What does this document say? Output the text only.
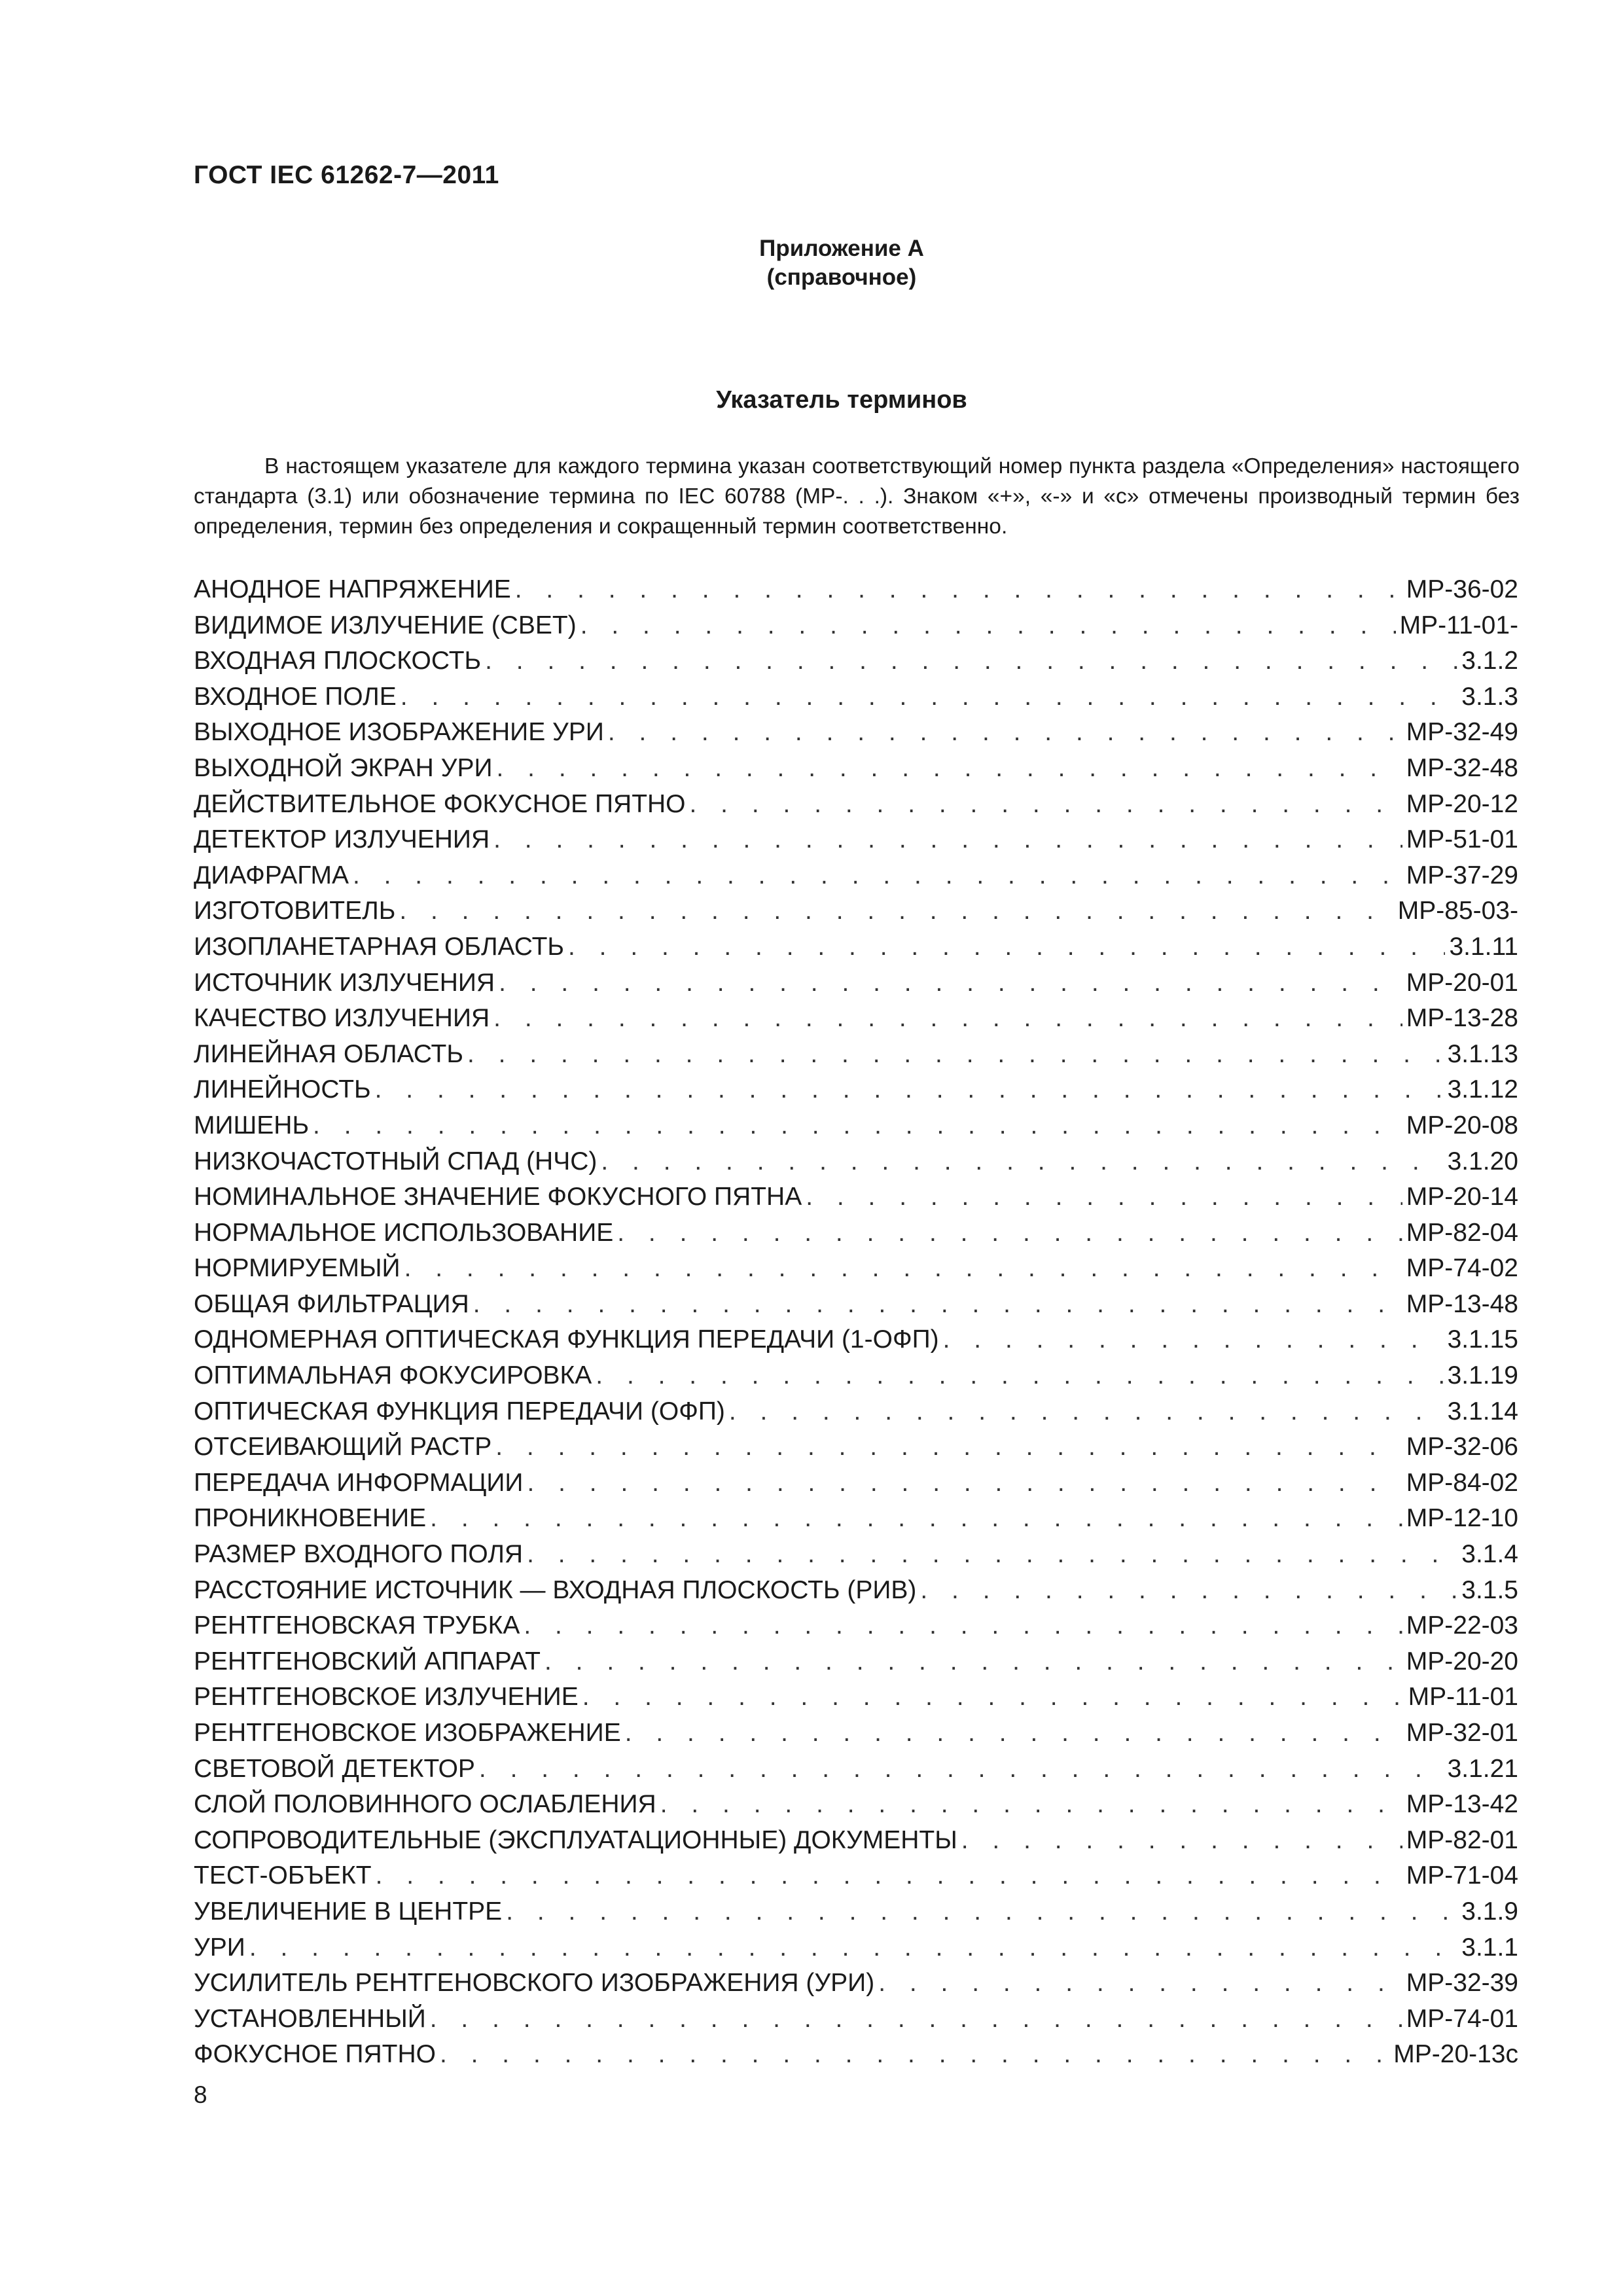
ГОСТ IEC 61262-7—2011
Приложение А
(справочное)
Указатель терминов

В настоящем указателе для каждого термина указан соответствующий номер пункта раздела «Определения» настоящего стандарта (3.1) или обозначение термина по IEC 60788 (МР-. . .). Знаком «+», «-» и «с» отмечены производный термин без определения, термин без определения и сокращенный термин соответственно.

АНОДНОЕ НАПРЯЖЕНИЕ . . .	МР-36-02
ВИДИМОЕ ИЗЛУЧЕНИЕ (СВЕТ) . . .	МР-11-01-
ВХОДНАЯ ПЛОСКОСТЬ . . .	3.1.2
ВХОДНОЕ ПОЛЕ . . .	3.1.3
ВЫХОДНОЕ ИЗОБРАЖЕНИЕ УРИ . . .	МР-32-49
ВЫХОДНОЙ ЭКРАН УРИ . . .	МР-32-48
ДЕЙСТВИТЕЛЬНОЕ ФОКУСНОЕ ПЯТНО . . .	МР-20-12
ДЕТЕКТОР ИЗЛУЧЕНИЯ . . .	МР-51-01
ДИАФРАГМА . . .	МР-37-29
ИЗГОТОВИТЕЛЬ . . .	МР-85-03-
ИЗОПЛАНЕТАРНАЯ ОБЛАСТЬ . . .	3.1.11
ИСТОЧНИК ИЗЛУЧЕНИЯ . . .	МР-20-01
КАЧЕСТВО ИЗЛУЧЕНИЯ . . .	МР-13-28
ЛИНЕЙНАЯ ОБЛАСТЬ . . .	3.1.13
ЛИНЕЙНОСТЬ . . .	3.1.12
МИШЕНЬ . . .	МР-20-08
НИЗКОЧАСТОТНЫЙ СПАД (НЧС) . . .	3.1.20
НОМИНАЛЬНОЕ ЗНАЧЕНИЕ ФОКУСНОГО ПЯТНА . . .	МР-20-14
НОРМАЛЬНОЕ ИСПОЛЬЗОВАНИЕ . . .	МР-82-04
НОРМИРУЕМЫЙ . . .	МР-74-02
ОБЩАЯ ФИЛЬТРАЦИЯ . . .	МР-13-48
ОДНОМЕРНАЯ ОПТИЧЕСКАЯ ФУНКЦИЯ ПЕРЕДАЧИ (1-ОФП) . . .	3.1.15
ОПТИМАЛЬНАЯ ФОКУСИРОВКА . . .	3.1.19
ОПТИЧЕСКАЯ ФУНКЦИЯ ПЕРЕДАЧИ (ОФП) . . .	3.1.14
ОТСЕИВАЮЩИЙ РАСТР . . .	МР-32-06
ПЕРЕДАЧА ИНФОРМАЦИИ . . .	МР-84-02
ПРОНИКНОВЕНИЕ . . .	МР-12-10
РАЗМЕР ВХОДНОГО ПОЛЯ . . .	3.1.4
РАССТОЯНИЕ ИСТОЧНИК — ВХОДНАЯ ПЛОСКОСТЬ (РИВ) . . .	3.1.5
РЕНТГЕНОВСКАЯ ТРУБКА . . .	МР-22-03
РЕНТГЕНОВСКИЙ АППАРАТ . . .	МР-20-20
РЕНТГЕНОВСКОЕ ИЗЛУЧЕНИЕ . . .	МР-11-01
РЕНТГЕНОВСКОЕ ИЗОБРАЖЕНИЕ . . .	МР-32-01
СВЕТОВОЙ ДЕТЕКТОР . . .	3.1.21
СЛОЙ ПОЛОВИННОГО ОСЛАБЛЕНИЯ . . .	МР-13-42
СОПРОВОДИТЕЛЬНЫЕ (ЭКСПЛУАТАЦИОННЫЕ) ДОКУМЕНТЫ . . .	МР-82-01
ТЕСТ-ОБЪЕКТ . . .	МР-71-04
УВЕЛИЧЕНИЕ В ЦЕНТРЕ . . .	3.1.9
УРИ . . .	3.1.1
УСИЛИТЕЛЬ РЕНТГЕНОВСКОГО ИЗОБРАЖЕНИЯ (УРИ) . . .	МР-32-39
УСТАНОВЛЕННЫЙ . . .	МР-74-01
ФОКУСНОЕ ПЯТНО . . .	МР-20-13с
8
